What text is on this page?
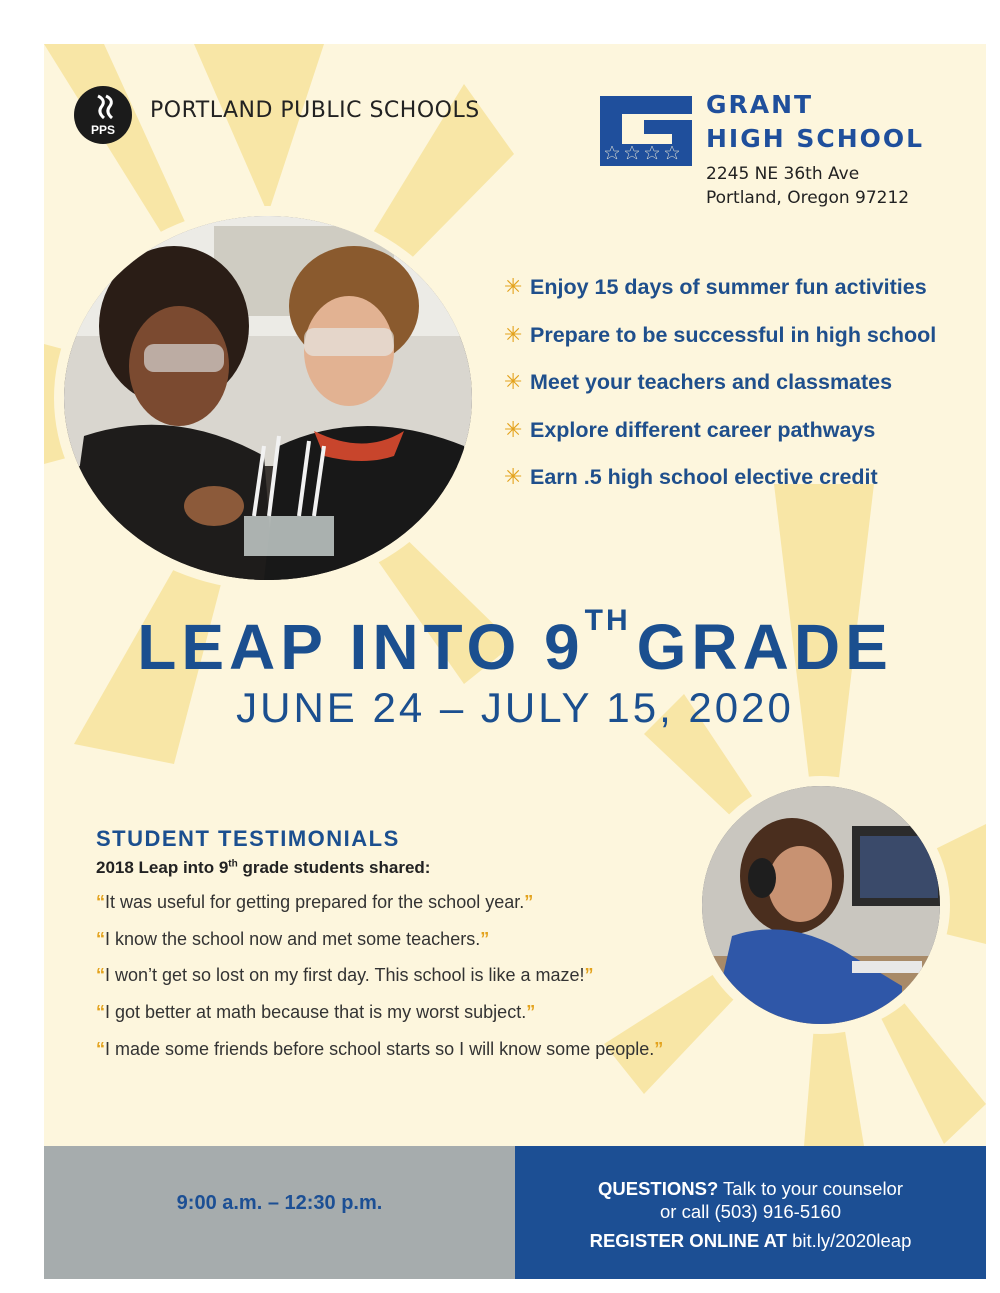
PPS
PORTLAND PUBLIC SCHOOLS	GRANT
HIGH SCHOOL
2245 NE 36th Ave
Portland, Oregon 97212
✳ Enjoy 15 days of summer fun activities
✳ Prepare to be successful in high school
✳ Meet your teachers and classmates
✳ Explore different career pathways
✳ Earn .5 high school elective credit
LEAP INTO 9THGRADE
JUNE 24 – JULY 15, 2020
STUDENT TESTIMONIALS
2018 Leap into 9th grade students shared:
“It was useful for getting prepared for the school year.”
“I know the school now and met some teachers.”
“I won’t get so lost on my first day. This school is like a maze!”
“I got better at math because that is my worst subject.”
“I made some friends before school starts so I will know some people.”
9:00 a.m. – 12:30 p.m.
QUESTIONS? Talk to your counselor
or call (503) 916-5160
REGISTER ONLINE AT bit.ly/2020leap
